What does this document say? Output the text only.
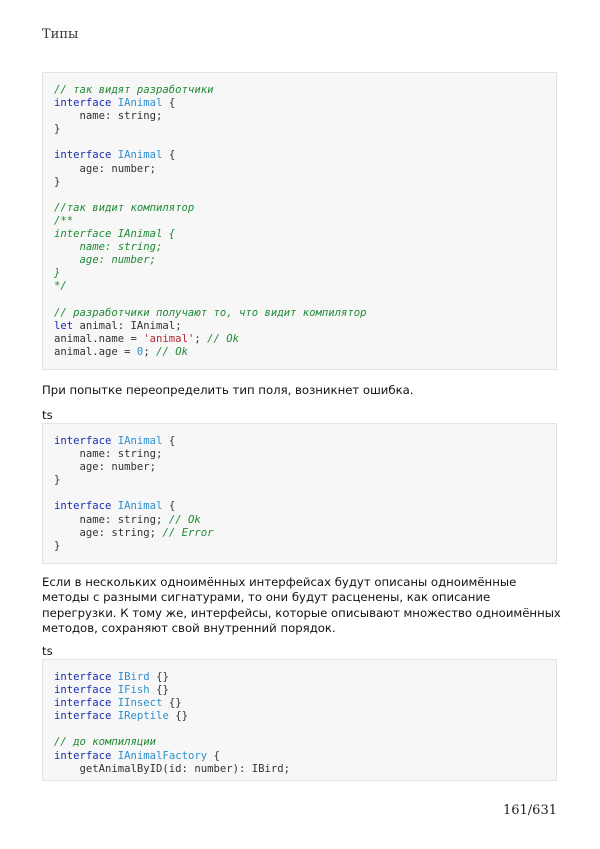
Типы
// так видят разработчики
interface IAnimal {
name: string;
}
interface IAnimal {
age: number;
}
//так видит компилятор
/**
interface IAnimal {
name: string;
age: number;
}
*/
// разработчики получают то, что видит компилятор
let animal: IAnimal;
animal.name = 'animal'; // Ok
animal.age = 0; // Ok
При попытке переопределить тип поля, возникнет ошибка.
ts
interface IAnimal {
name: string;
age: number;
}
interface IAnimal {
name: string; // Ok
age: string; // Error
}
Если в нескольких одноимённых интерфейсах будут описаны одноимённые методы с разными сигнатурами, то они будут расценены, как описание перегрузки. К тому же, интерфейсы, которые описывают множество одноимённых методов, сохраняют свой внутренний порядок.
ts
interface IBird {}
interface IFish {}
interface IInsect {}
interface IReptile {}
// до компиляции
interface IAnimalFactory {
getAnimalByID(id: number): IBird;
161/631
